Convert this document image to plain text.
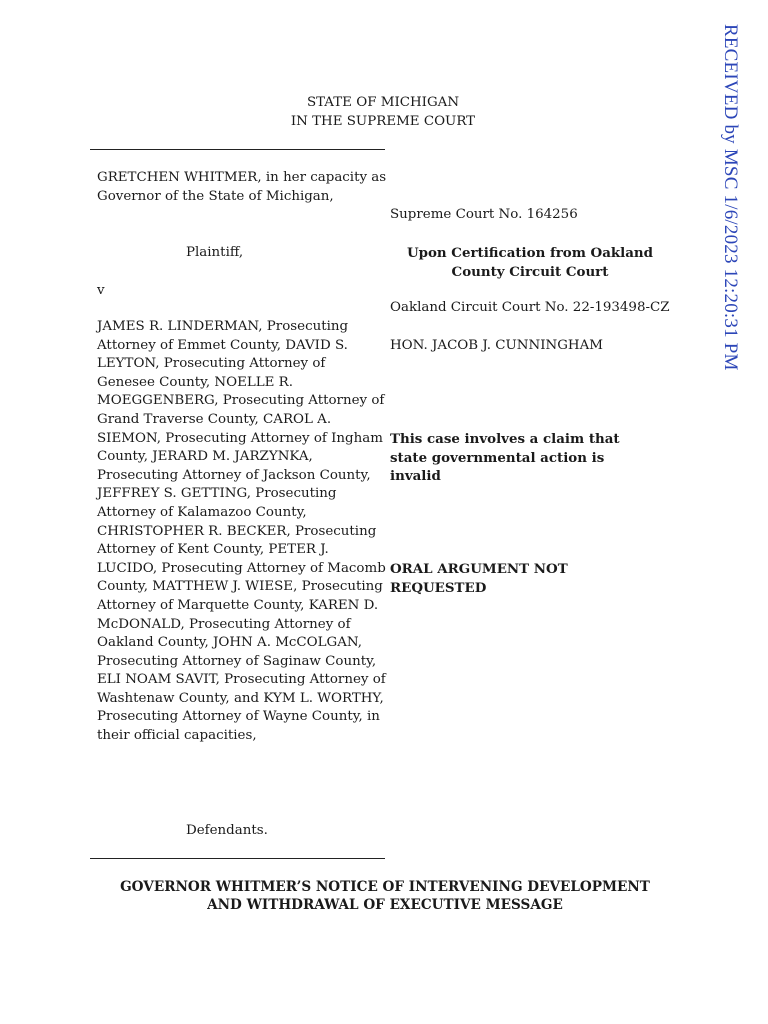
RECEIVED by MSC 1/6/2023 12:20:31 PM
STATE OF MICHIGAN
IN THE SUPREME COURT
GRETCHEN WHITMER, in her capacity as Governor of the State of Michigan,
Plaintiff,
v
JAMES R. LINDERMAN, Prosecuting Attorney of Emmet County, DAVID S. LEYTON, Prosecuting Attorney of Genesee County, NOELLE R. MOEGGENBERG, Prosecuting Attorney of Grand Traverse County, CAROL A. SIEMON, Prosecuting Attorney of Ingham County, JERARD M. JARZYNKA, Prosecuting Attorney of Jackson County, JEFFREY S. GETTING, Prosecuting Attorney of Kalamazoo County, CHRISTOPHER R. BECKER, Prosecuting Attorney of Kent County, PETER J. LUCIDO, Prosecuting Attorney of Macomb County, MATTHEW J. WIESE, Prosecuting Attorney of Marquette County, KAREN D. McDONALD, Prosecuting Attorney of Oakland County, JOHN A. McCOLGAN, Prosecuting Attorney of Saginaw County, ELI NOAM SAVIT, Prosecuting Attorney of Washtenaw County, and KYM L. WORTHY, Prosecuting Attorney of Wayne County, in their official capacities,
Defendants.
Supreme Court No. 164256
Upon Certification from Oakland County Circuit Court
Oakland Circuit Court No. 22-193498-CZ
HON. JACOB J. CUNNINGHAM
This case involves a claim that state governmental action is invalid
ORAL ARGUMENT NOT REQUESTED
GOVERNOR WHITMER’S NOTICE OF INTERVENING DEVELOPMENT
AND WITHDRAWAL OF EXECUTIVE MESSAGE
